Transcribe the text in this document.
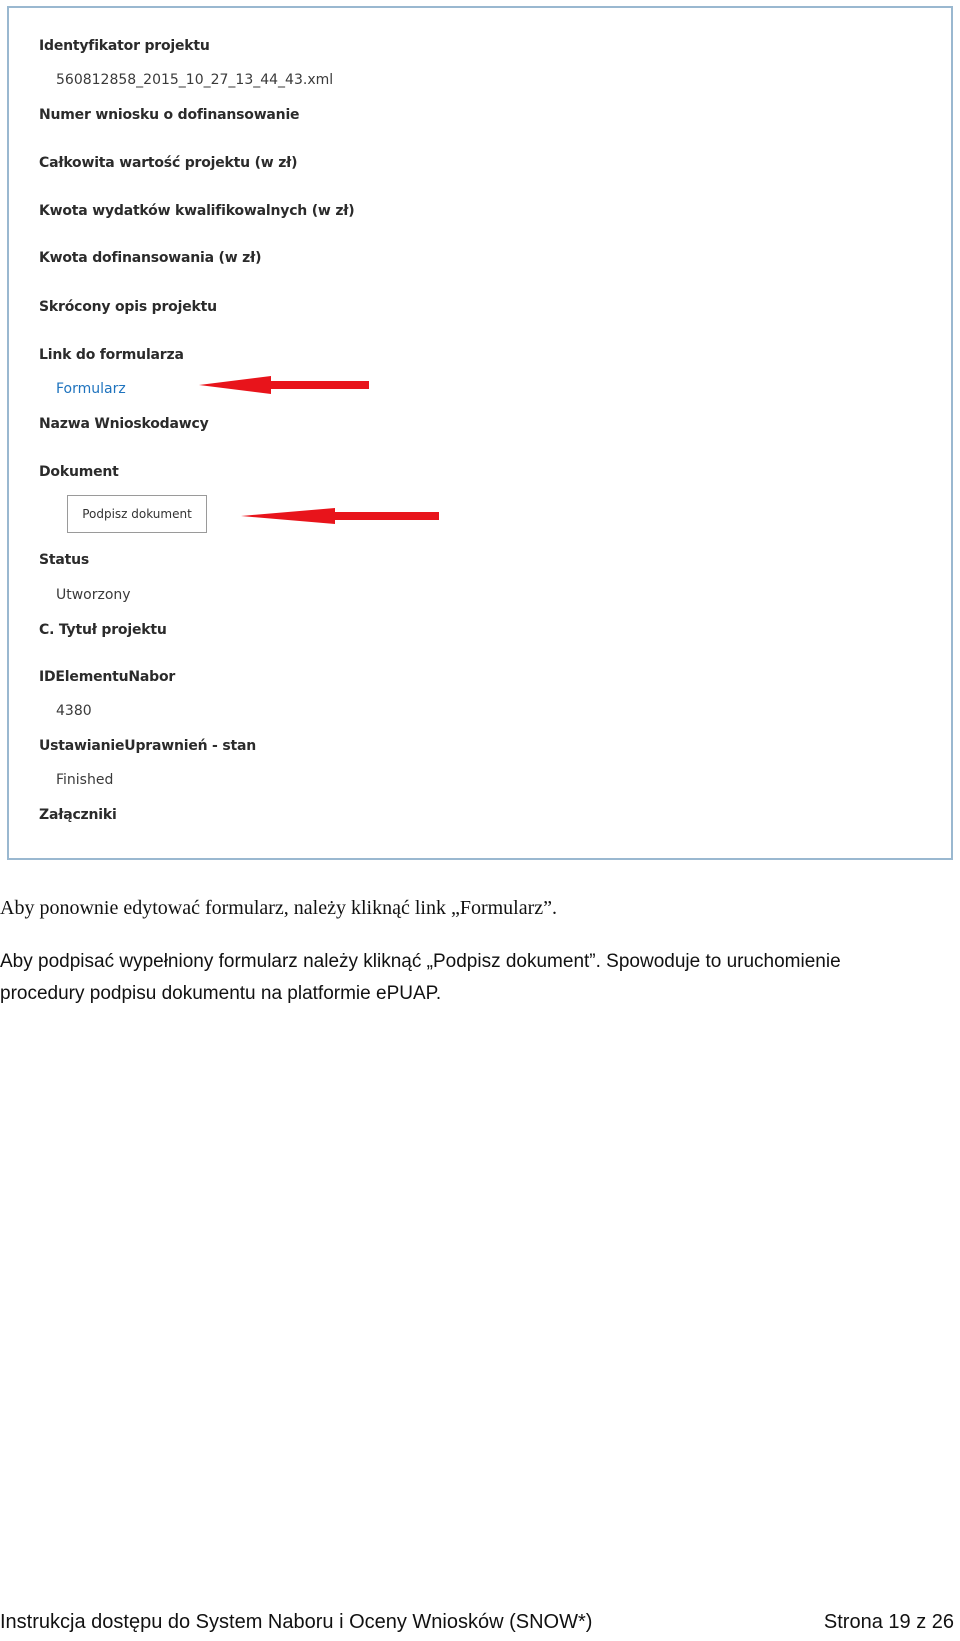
Identyfikator projektu
560812858_2015_10_27_13_44_43.xml
Numer wniosku o dofinansowanie
Całkowita wartość projektu (w zł)
Kwota wydatków kwalifikowalnych (w zł)
Kwota dofinansowania (w zł)
Skrócony opis projektu
Link do formularza
Formularz
Nazwa Wnioskodawcy
Dokument
Podpisz dokument
Status
Utworzony
C. Tytuł projektu
IDElementuNabor
4380
UstawianieUprawnień - stan
Finished
Załączniki
Aby ponownie edytować formularz, należy kliknąć link „Formularz”.
Aby podpisać wypełniony formularz należy kliknąć „Podpisz dokument”. Spowoduje to uruchomienie
procedury podpisu dokumentu na platformie ePUAP.
Instrukcja dostępu do System Naboru i Oceny Wniosków (SNOW*)	Strona 19 z 26
